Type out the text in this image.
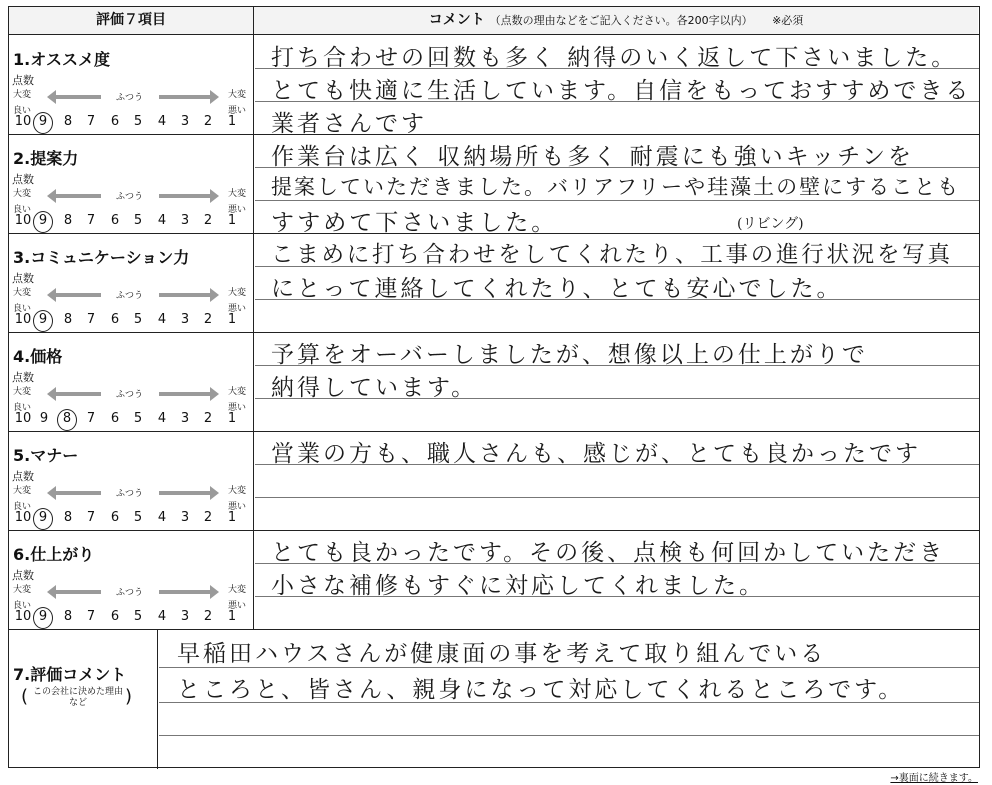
評価７項目	コメント （点数の理由などをご記入ください。各200字以内） ※必須
1.オススメ度
点数
大変
良い
ふつう	大変
悪い
10 9	8	7	6	5	4	3	2	1
打ち合わせの回数も多く 納得のいく返して下さいました。
とても快適に生活しています。自信をもっておすすめできる
業者さんです
2.提案力
点数
大変
良い
ふつう	大変
悪い
10 9	8	7	6	5	4	3	2	1
作業台は広く 収納場所も多く 耐震にも強いキッチンを
提案していただきました。バリアフリーや珪藻土の壁にすることも
すすめて下さいました。	(リビング)
3.コミュニケーション力
点数
大変
良い
ふつう	大変
悪い
10 9	8	7	6	5	4	3	2	1
こまめに打ち合わせをしてくれたり、工事の進行状況を写真
にとって連絡してくれたり、とても安心でした。
4.価格
点数
大変
良い
ふつう	大変
悪い
10 9	8	7	6	5	4	3	2	1
予算をオーバーしましたが、想像以上の仕上がりで
納得しています。
5.マナー
点数
大変
良い
ふつう	大変
悪い
10 9	8	7	6	5	4	3	2	1
営業の方も、職人さんも、感じが、とても良かったです
6.仕上がり
点数
大変
良い
ふつう	大変
悪い
10 9	8	7	6	5	4	3	2	1
とても良かったです。その後、点検も何回かしていただき
小さな補修もすぐに対応してくれました。
7.評価コメント
( この会社に決めた理由など	)
早稲田ハウスさんが健康面の事を考えて取り組んでいる
ところと、皆さん、親身になって対応してくれるところです。
→裏面に続きます。
